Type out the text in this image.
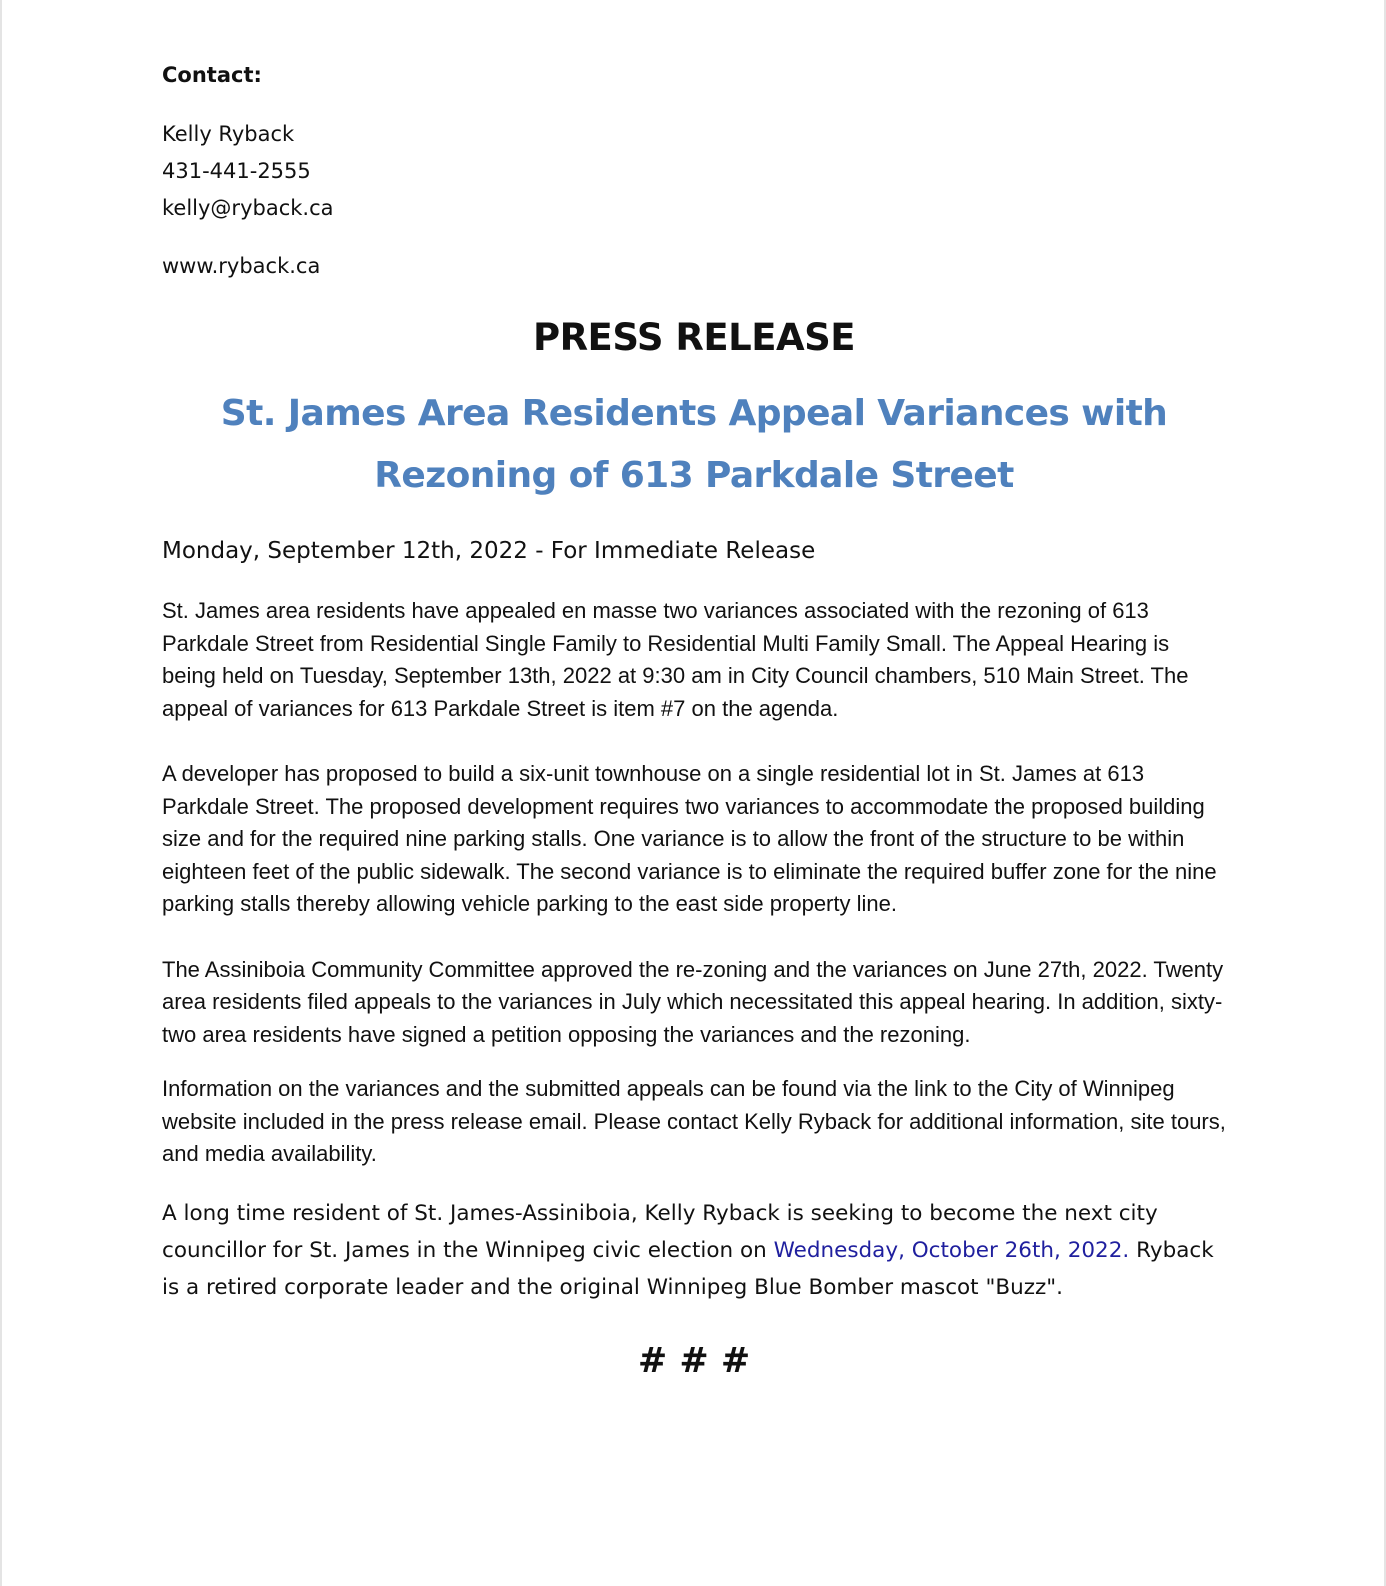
Contact:
Kelly Ryback
431-441-2555
kelly@ryback.ca
www.ryback.ca
PRESS RELEASE
St. James Area Residents Appeal Variances with
Rezoning of 613 Parkdale Street
Monday, September 12th, 2022 - For Immediate Release

St. James area residents have appealed en masse two variances associated with the rezoning of 613 Parkdale Street from Residential Single Family to Residential Multi Family Small. The Appeal Hearing is being held on Tuesday, September 13th, 2022 at 9:30 am in City Council chambers, 510 Main Street. The appeal of variances for 613 Parkdale Street is item #7 on the agenda.

A developer has proposed to build a six-unit townhouse on a single residential lot in St. James at 613 Parkdale Street. The proposed development requires two variances to accommodate the proposed building size and for the required nine parking stalls. One variance is to allow the front of the structure to be within eighteen feet of the public sidewalk. The second variance is to eliminate the required buffer zone for the nine parking stalls thereby allowing vehicle parking to the east side property line.

The Assiniboia Community Committee approved the re-zoning and the variances on June 27th, 2022. Twenty area residents filed appeals to the variances in July which necessitated this appeal hearing. In addition, sixty-two area residents have signed a petition opposing the variances and the rezoning.

Information on the variances and the submitted appeals can be found via the link to the City of Winnipeg website included in the press release email. Please contact Kelly Ryback for additional information, site tours, and media availability.

A long time resident of St. James-Assiniboia, Kelly Ryback is seeking to become the next city councillor for St. James in the Winnipeg civic election on Wednesday, October 26th, 2022. Ryback is a retired corporate leader and the original Winnipeg Blue Bomber mascot "Buzz".

# # #
